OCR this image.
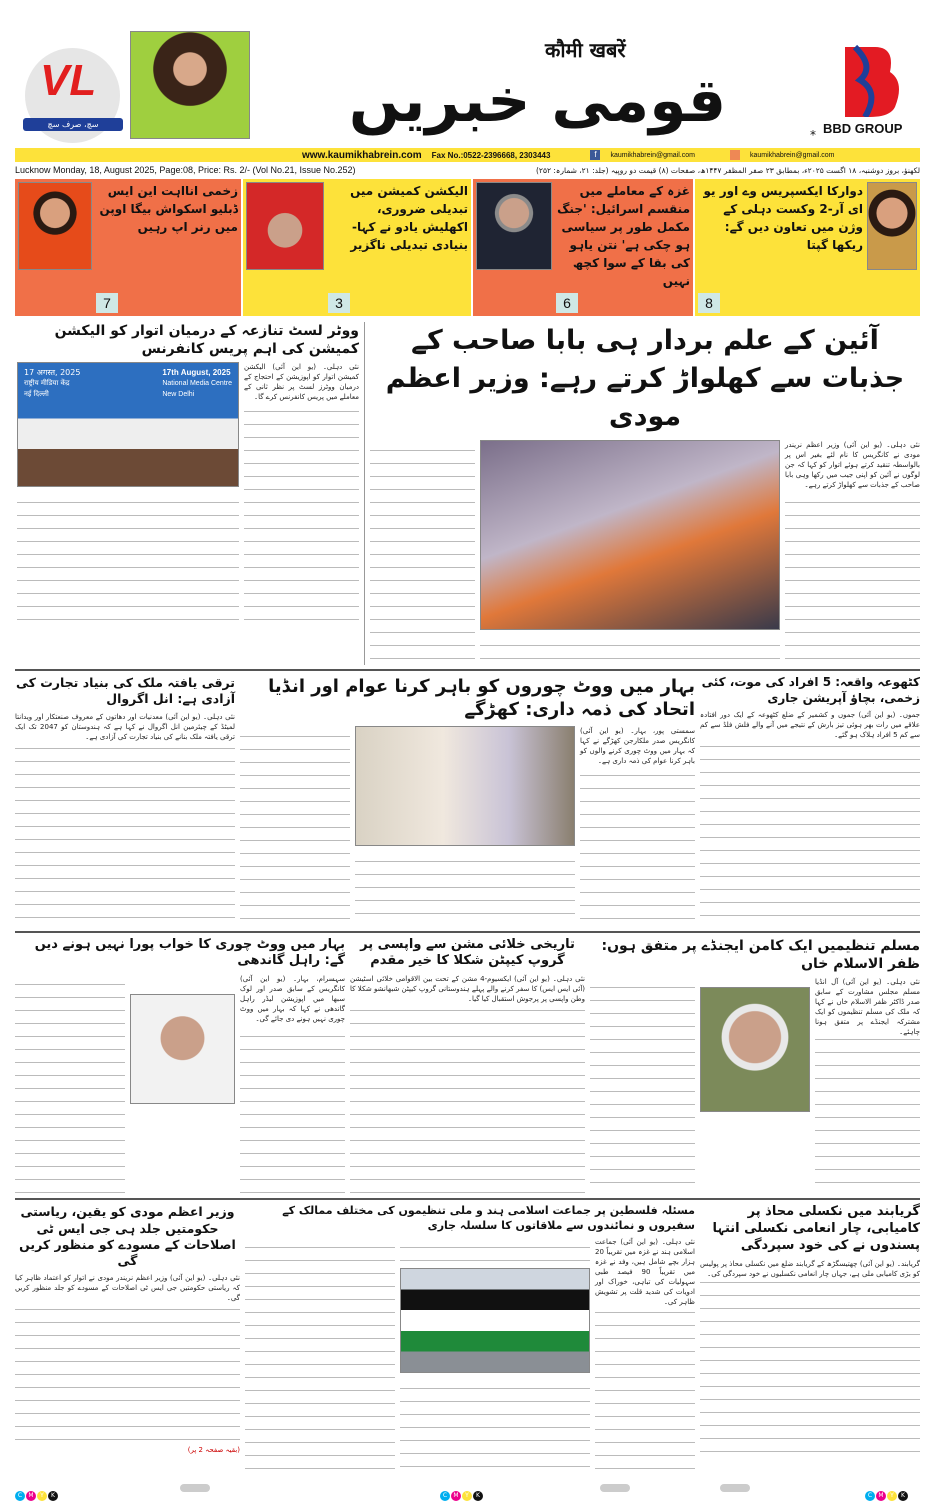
VL
سچ، صرف سچ
कौमी खबरें
قومی خبریں	* BBD GROUP
www.kaumikhabrein.com Fax No.:0522-2396668, 2303443	f	kaumikhabrein@gmail.com	kaumikhabrein@gmail.com
Lucknow Monday, 18, August 2025, Page:08, Price: Rs. 2/- (Vol No.21, Issue No.252)	لکھنؤ، بروز دوشنبہ، ۱۸ اگست ۲۰۲۵ء، بمطابق ۲۳ صفر المظفر ۱۴۴۷ھ، صفحات (۸) قیمت دو روپیہ (جلد: ۲۱، شمارہ: ۲۵۲)
دوارکا ایکسپریس وے اور یو ای آر-2 وکست دہلی کے وژن میں تعاون دیں گے: ریکھا گپتا
8
غزہ کے معاملے میں منقسم اسرائیل: 'جنگ مکمل طور پر سیاسی ہو چکی ہے' نتن یاہو کی بقا کے سوا کچھ نہیں
6
الیکشن کمیشن میں تبدیلی ضروری، اکھلیش یادو نے کہا- بنیادی تبدیلی ناگزیر
3
زخمی انااہت این ایس ڈبلیو اسکواش بیگا اوپن میں رنر اپ رہیں
7
آئین کے علم بردار ہی بابا صاحب کے جذبات سے کھلواڑ کرتے رہے: وزیر اعظم مودی
نئی دہلی۔ (یو این آئی) وزیر اعظم نریندر مودی نے کانگریس کا نام لئے بغیر اس پر بالواسطہ تنقید کرتے ہوئے اتوار کو کہا کہ جن لوگوں نے آئین کو اپنی جیب میں رکھا وہی بابا صاحب کے جذبات سے کھلواڑ کرتے رہے۔
ووٹر لسٹ تنازعہ کے درمیان اتوار کو الیکشن کمیشن کی اہم پریس کانفرنس
نئی دہلی۔ (یو این آئی) الیکشن کمیشن اتوار کو اپوزیشن کے احتجاج کے درمیان ووٹرز لسٹ پر نظر ثانی کے معاملے میں پریس کانفرنس کرے گا۔
17 अगस्त, 2025
राष्ट्रीय मीडिया केंद्र
नई दिल्ली
17th August, 2025
National Media Centre
New Delhi
کٹھوعہ واقعہ: 5 افراد کی موت، کئی زخمی، بچاؤ آپریشن جاری
جموں۔ (یو این آئی) جموں و کشمیر کے ضلع کٹھوعہ کے ایک دور افتادہ علاقے میں رات بھر ہوئی تیز بارش کے نتیجے میں آنے والے فلش فلڈ سے کم سے کم 5 افراد ہلاک ہو گئے۔
بہار میں ووٹ چوروں کو باہر کرنا عوام اور انڈیا اتحاد کی ذمہ داری: کھڑگے
سمستی پور، بہار۔ (یو این آئی) کانگریس صدر ملکارجن کھڑگے نے کہا کہ بہار میں ووٹ چوری کرنے والوں کو باہر کرنا عوام کی ذمہ داری ہے۔
ترقی یافتہ ملک کی بنیاد تجارت کی آزادی ہے: انل اگروال
نئی دہلی۔ (یو این آئی) معدنیات اور دھاتوں کے معروف صنعتکار اور ویدانتا لمیٹڈ کے چیئرمین انل اگروال نے کہا ہے کہ ہندوستان کو 2047 تک ایک ترقی یافتہ ملک بنانے کی بنیاد تجارت کی آزادی ہے۔
مسلم تنظیمیں ایک کامن ایجنڈے پر متفق ہوں: ظفر الاسلام خاں
نئی دہلی۔ (یو این آئی) آل انڈیا مسلم مجلس مشاورت کے سابق صدر ڈاکٹر ظفر الاسلام خاں نے کہا کہ ملک کی مسلم تنظیموں کو ایک مشترکہ ایجنڈے پر متفق ہونا چاہئے۔
تاریخی خلائی مشن سے واپسی پر گروپ کیپٹن شکلا کا خیر مقدم
نئی دہلی۔ (یو این آئی) ایکسیوم-4 مشن کے تحت بین الاقوامی خلائی اسٹیشن (آئی ایس ایس) کا سفر کرنے والے پہلے ہندوستانی گروپ کیپٹن شبھانشو شکلا کا وطن واپسی پر پرجوش استقبال کیا گیا۔
بہار میں ووٹ چوری کا خواب پورا نہیں ہونے دیں گے: راہل گاندھی
سہسرام، بہار۔ (یو این آئی) کانگریس کے سابق صدر اور لوک سبھا میں اپوزیشن لیڈر راہل گاندھی نے کہا کہ بہار میں ووٹ چوری نہیں ہونے دی جائے گی۔
گریابند میں نکسلی محاذ پر کامیابی، چار انعامی نکسلی انتہا پسندوں نے کی خود سپردگی
گریابند۔ (یو این آئی) چھتیسگڑھ کے گریابند ضلع میں نکسلی محاذ پر پولیس کو بڑی کامیابی ملی ہے، جہاں چار انعامی نکسلیوں نے خود سپردگی کی۔
مسئلہ فلسطین پر جماعت اسلامی ہند و ملی تنظیموں کی مختلف ممالک کے سفیروں و نمائندوں سے ملاقاتوں کا سلسلہ جاری
نئی دہلی۔ (یو این آئی) جماعت اسلامی ہند نے غزہ میں تقریباً 20 ہزار بچے شامل ہیں، وفد نے غزہ میں تقریباً 90 فیصد طبی سہولیات کی تباہی، خوراک اور ادویات کی شدید قلت پر تشویش ظاہر کی۔
وزیر اعظم مودی کو یقین، ریاستی حکومتیں جلد ہی جی ایس ٹی اصلاحات کے مسودے کو منظور کریں گی
نئی دہلی۔ (یو این آئی) وزیر اعظم نریندر مودی نے اتوار کو اعتماد ظاہر کیا کہ ریاستی حکومتیں جی ایس ٹی اصلاحات کے مسودے کو جلد منظور کریں گی۔
(بقیہ صفحہ 2 پر)
C M Y K	C M Y K	C M Y K
